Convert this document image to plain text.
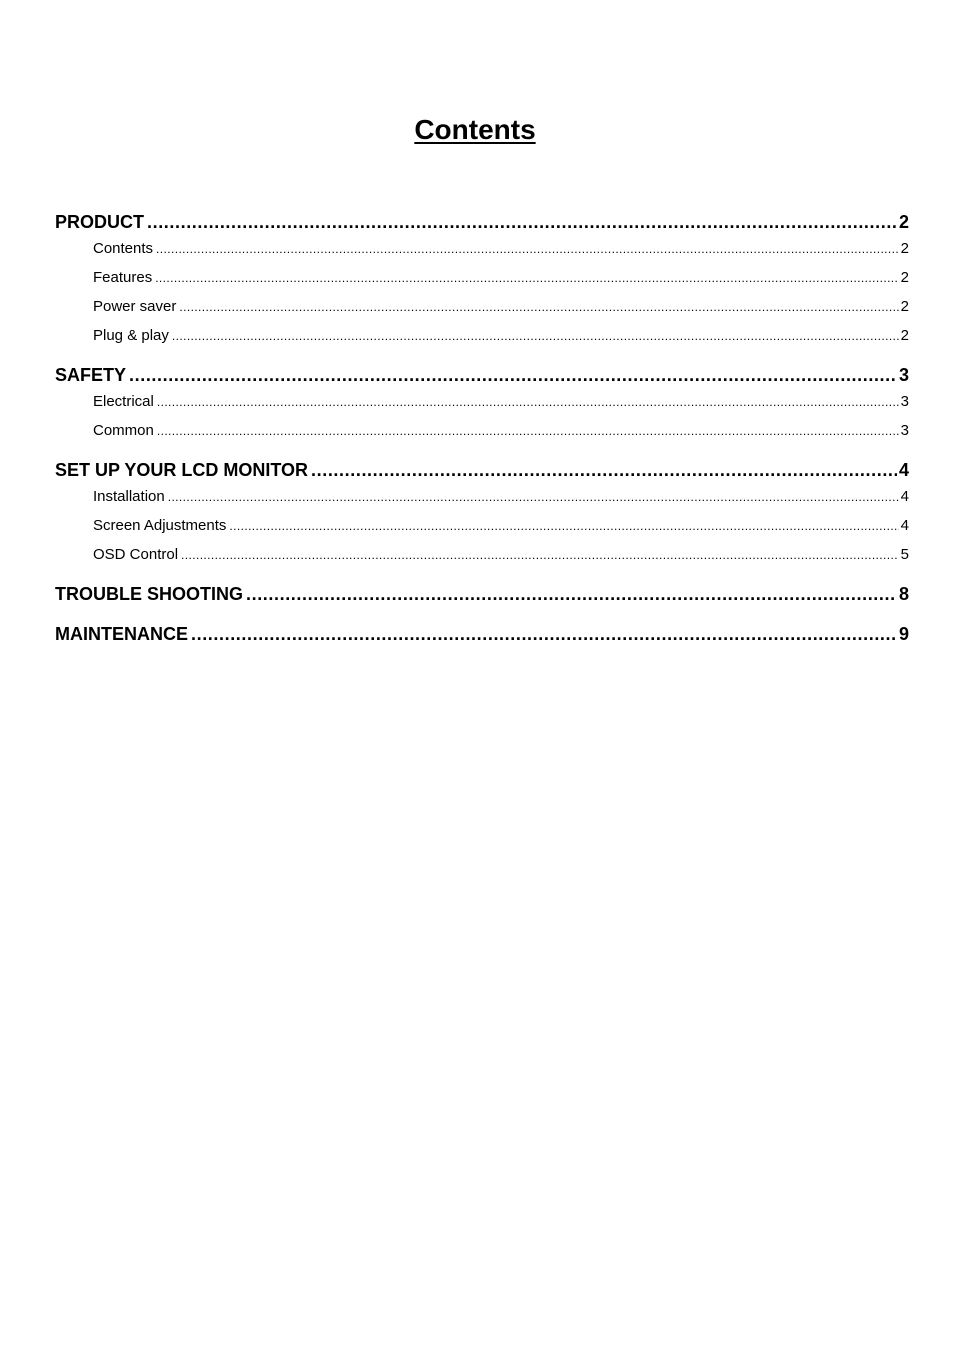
Contents
PRODUCT .....	2
Contents .....	2
Features .....	2
Power saver .....	2
Plug & play .....	2
SAFETY .....	3
Electrical .....	3
Common .....	3
SET UP YOUR LCD MONITOR .....	4
Installation .....	4
Screen Adjustments .....	4
OSD Control .....	5
TROUBLE SHOOTING .....	8
MAINTENANCE .....	9
